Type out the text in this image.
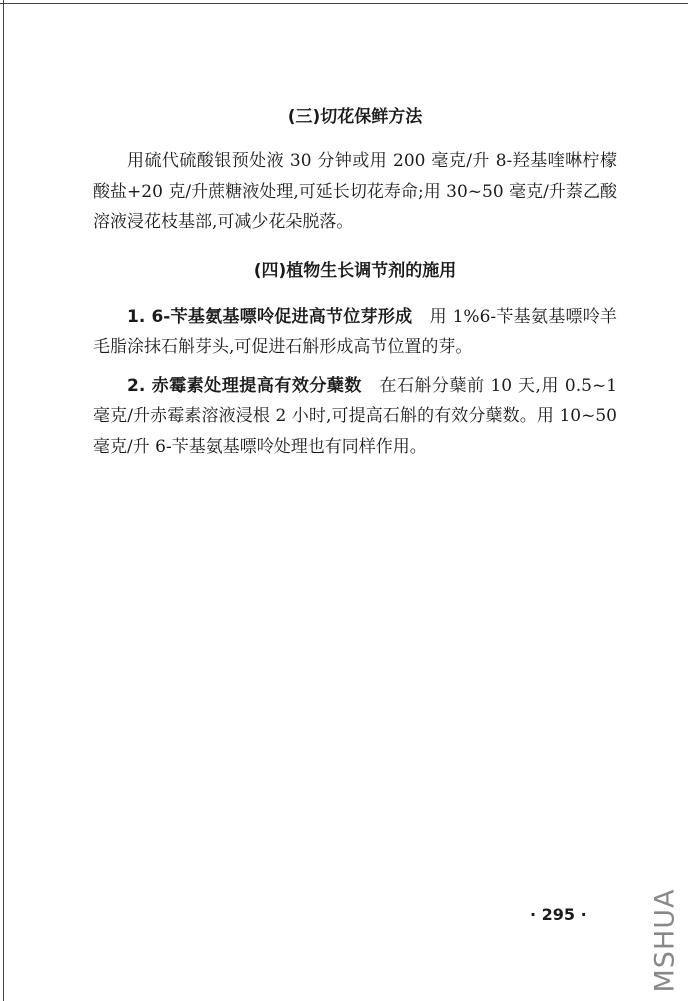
(三)切花保鲜方法

用硫代硫酸银预处液 30 分钟或用 200 毫克/升 8-羟基喹啉柠檬酸盐+20 克/升蔗糖液处理,可延长切花寿命;用 30~50 毫克/升萘乙酸溶液浸花枝基部,可减少花朵脱落。

(四)植物生长调节剂的施用

1. 6-苄基氨基嘌呤促进高节位芽形成　 用 1%6-苄基氨基嘌呤羊毛脂涂抹石斛芽头,可促进石斛形成高节位置的芽。

2. 赤霉素处理提高有效分蘖数　 在石斛分蘖前 10 天,用 0.5~1 毫克/升赤霉素溶液浸根 2 小时,可提高石斛的有效分蘖数。用 10~50 毫克/升 6-苄基氨基嘌呤处理也有同样作用。

· 295 · MSHUA
